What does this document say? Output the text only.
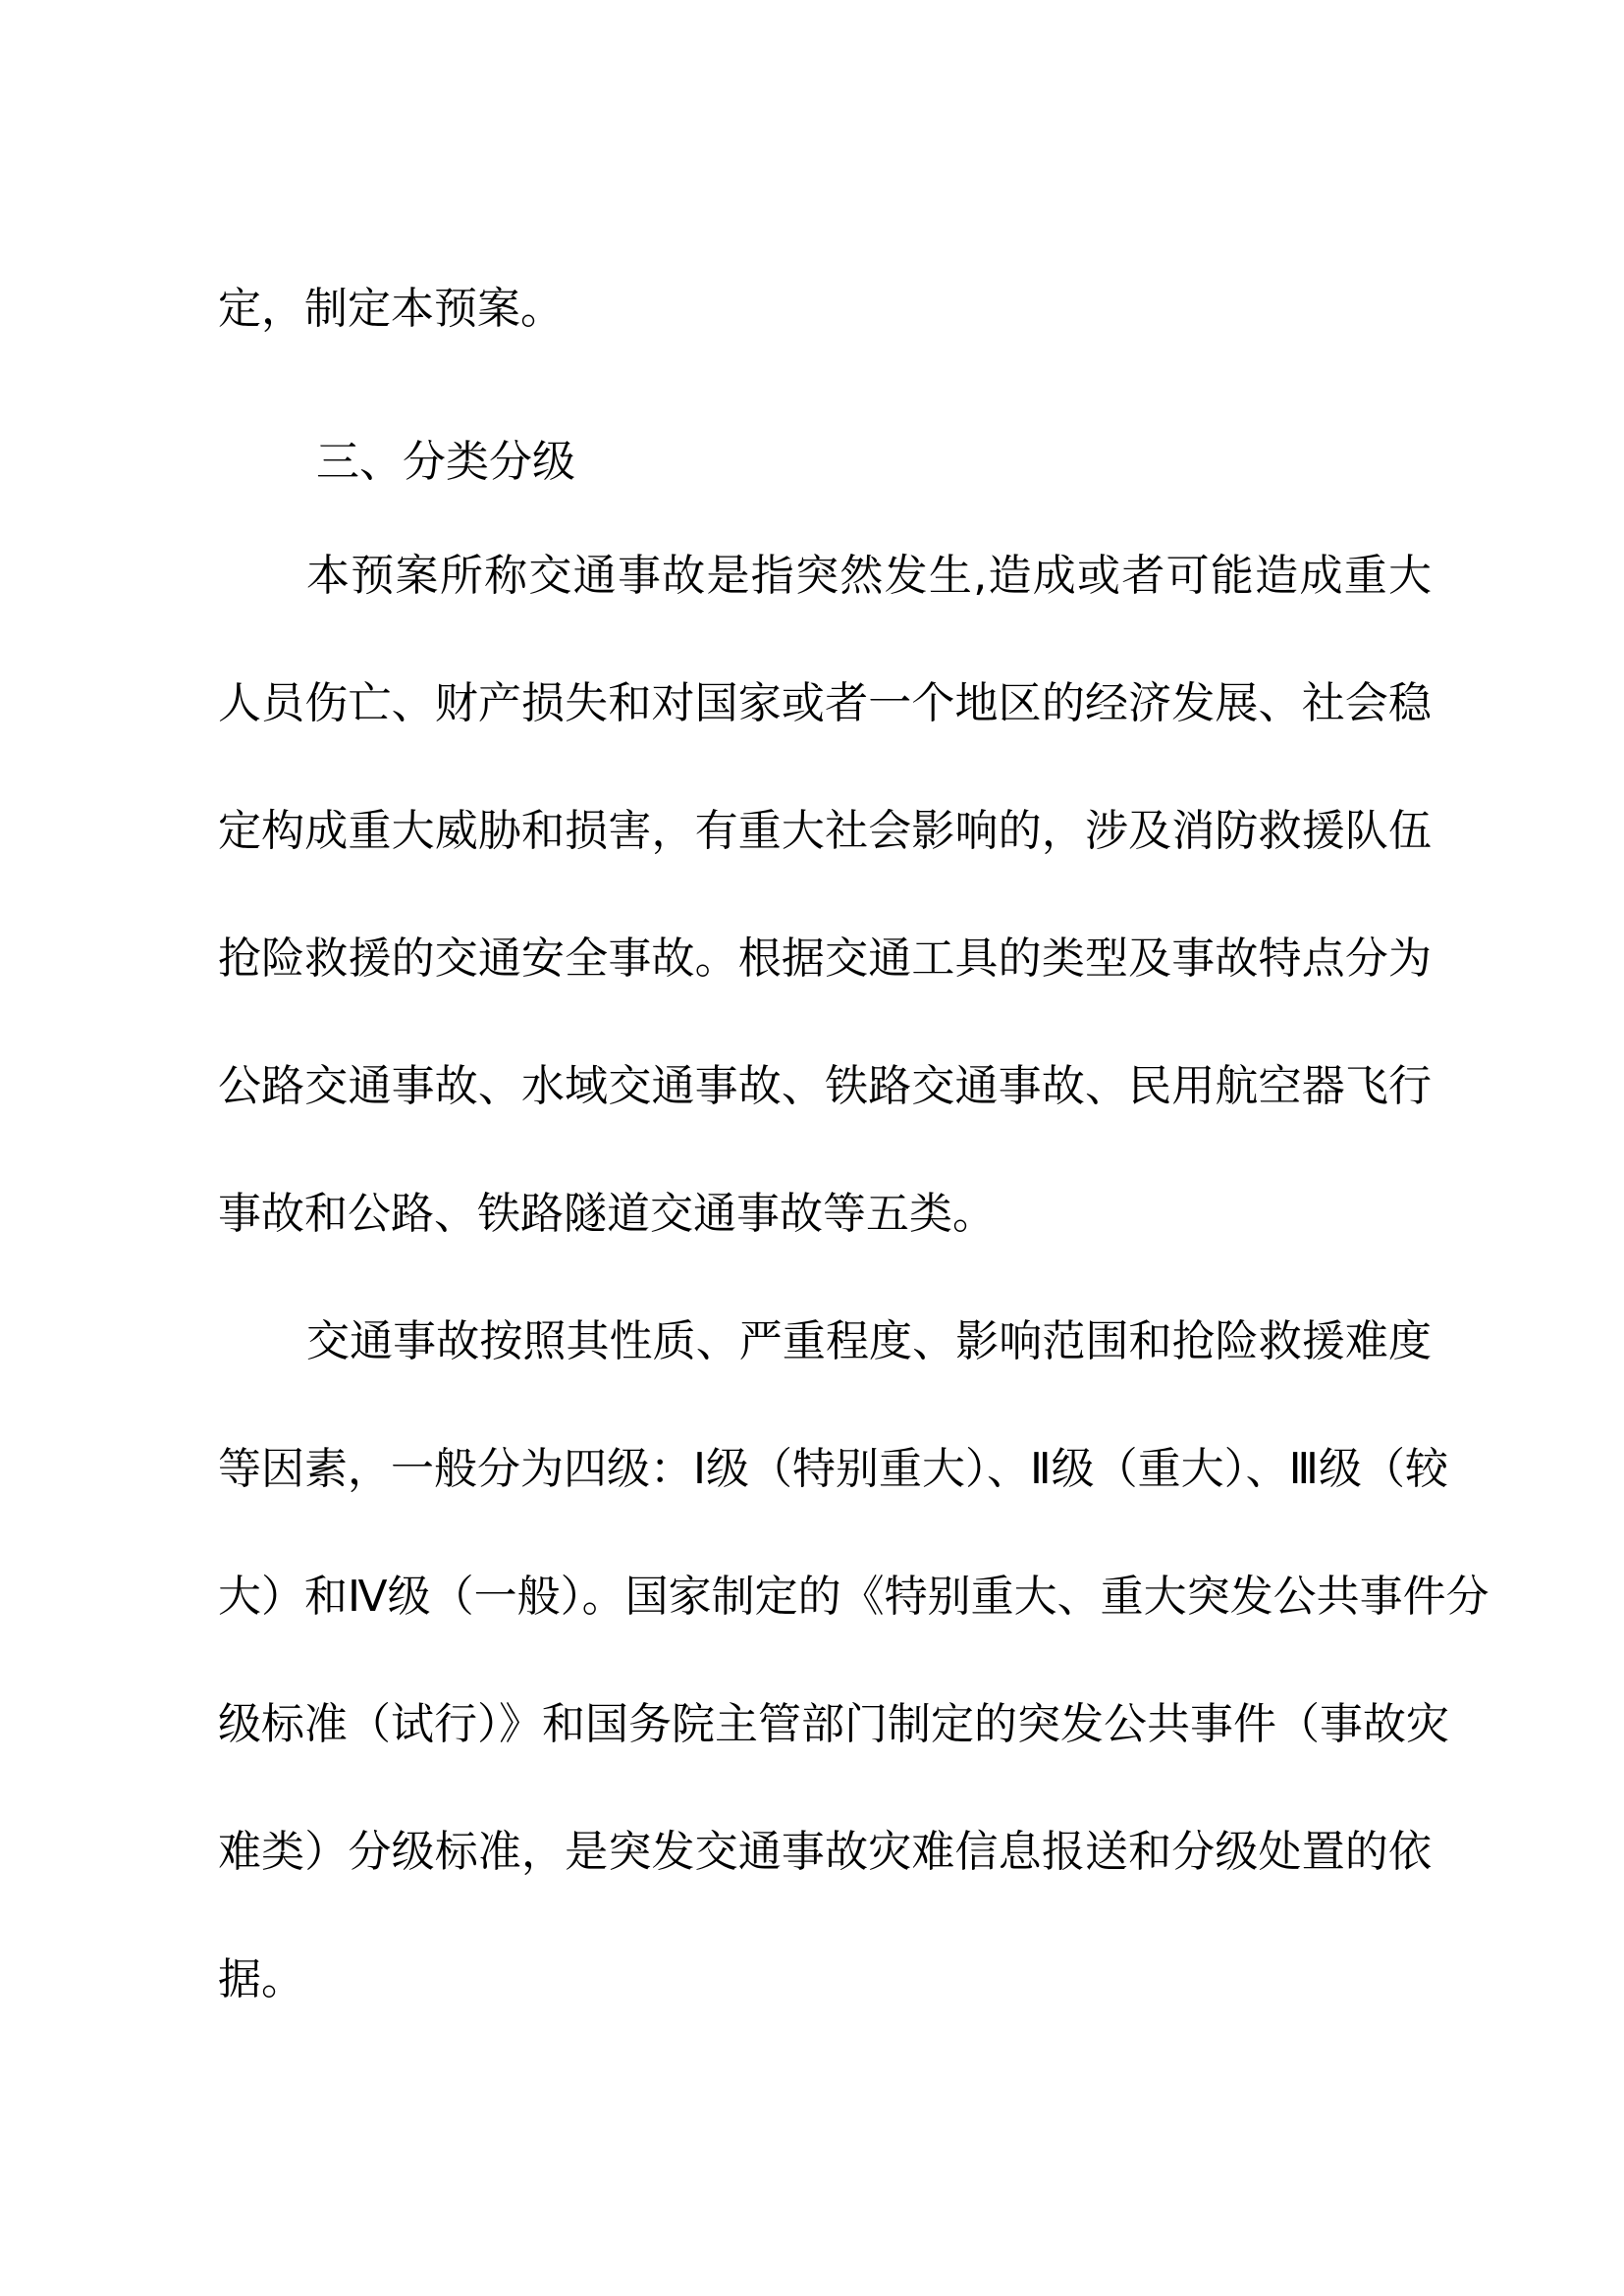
定，制定本预案。
三、分类分级
本预案所称交通事故是指突然发生,造成或者可能造成重大
人员伤亡、财产损失和对国家或者一个地区的经济发展、社会稳
定构成重大威胁和损害，有重大社会影响的，涉及消防救援队伍
抢险救援的交通安全事故。根据交通工具的类型及事故特点分为
公路交通事故、水域交通事故、铁路交通事故、民用航空器飞行
事故和公路、铁路隧道交通事故等五类。
交通事故按照其性质、严重程度、影响范围和抢险救援难度
等因素，一般分为四级：Ⅰ级（特别重大）、Ⅱ级（重大）、Ⅲ级（较
大）和Ⅳ级（一般）。国家制定的《特别重大、重大突发公共事件分
级标准（试行）》和国务院主管部门制定的突发公共事件（事故灾
难类）分级标准，是突发交通事故灾难信息报送和分级处置的依
据。
